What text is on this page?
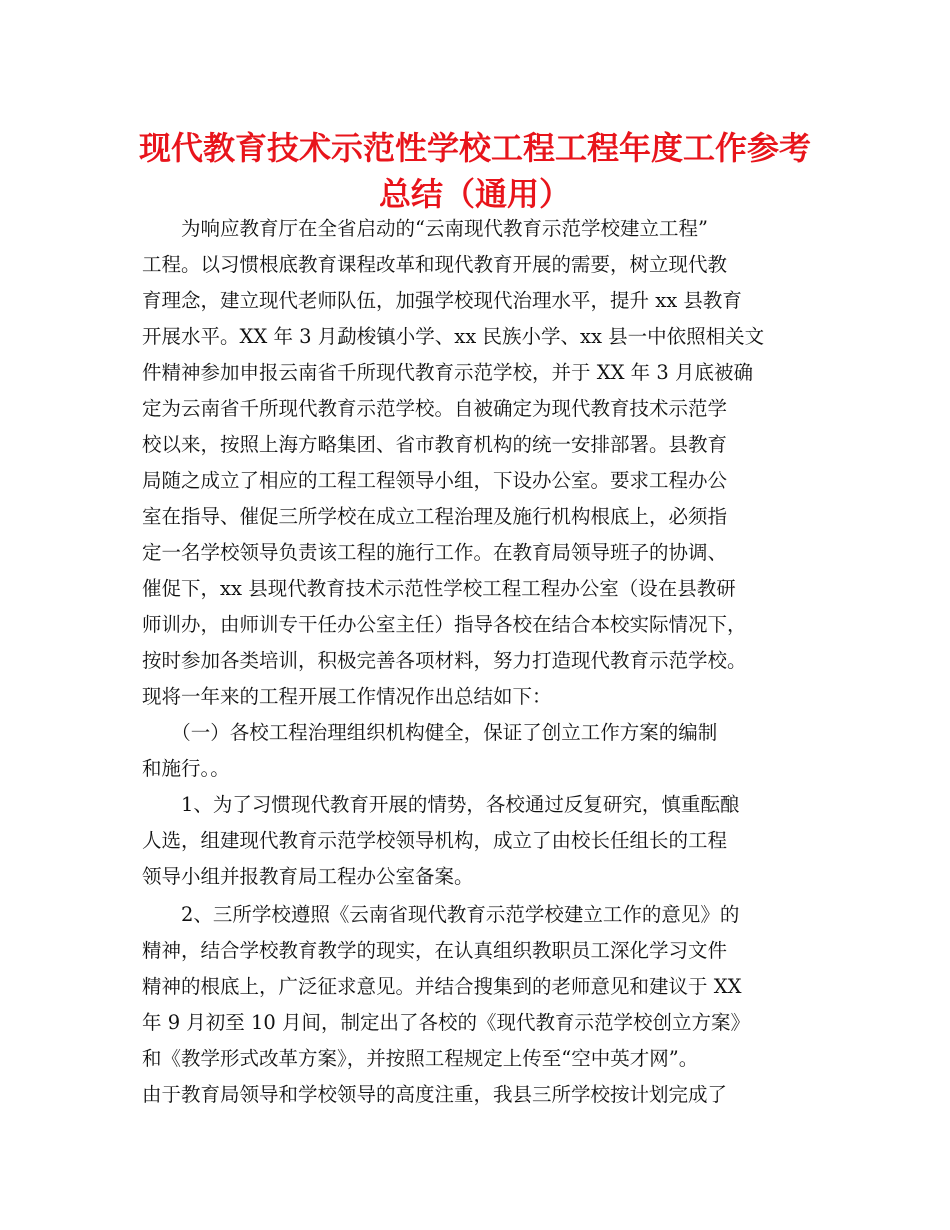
现代教育技术示范性学校工程工程年度工作参考
总结（通用）

　　为响应教育厅在全省启动的“云南现代教育示范学校建立工程”

工程。以习惯根底教育课程改革和现代教育开展的需要，树立现代教

育理念，建立现代老师队伍，加强学校现代治理水平，提升 xx 县教育

开展水平。XX 年 3 月勐梭镇小学、xx 民族小学、xx 县一中依照相关文

件精神参加申报云南省千所现代教育示范学校，并于 XX 年 3 月底被确

定为云南省千所现代教育示范学校。自被确定为现代教育技术示范学

校以来，按照上海方略集团、省市教育机构的统一安排部署。县教育

局随之成立了相应的工程工程领导小组，下设办公室。要求工程办公

室在指导、催促三所学校在成立工程治理及施行机构根底上，必须指

定一名学校领导负责该工程的施行工作。在教育局领导班子的协调、

催促下，xx 县现代教育技术示范性学校工程工程办公室（设在县教研

师训办，由师训专干任办公室主任）指导各校在结合本校实际情况下，

按时参加各类培训，积极完善各项材料，努力打造现代教育示范学校。

现将一年来的工程开展工作情况作出总结如下：

　　（一）各校工程治理组织机构健全，保证了创立工作方案的编制

和施行。。

　　1、为了习惯现代教育开展的情势，各校通过反复研究，慎重酝酿

人选，组建现代教育示范学校领导机构，成立了由校长任组长的工程

领导小组并报教育局工程办公室备案。

　　2、三所学校遵照《云南省现代教育示范学校建立工作的意见》的

精神，结合学校教育教学的现实，在认真组织教职员工深化学习文件

精神的根底上，广泛征求意见。并结合搜集到的老师意见和建议于 XX

年 9 月初至 10 月间，制定出了各校的《现代教育示范学校创立方案》

和《教学形式改革方案》，并按照工程规定上传至“空中英才网”。

由于教育局领导和学校领导的高度注重，我县三所学校按计划完成了
